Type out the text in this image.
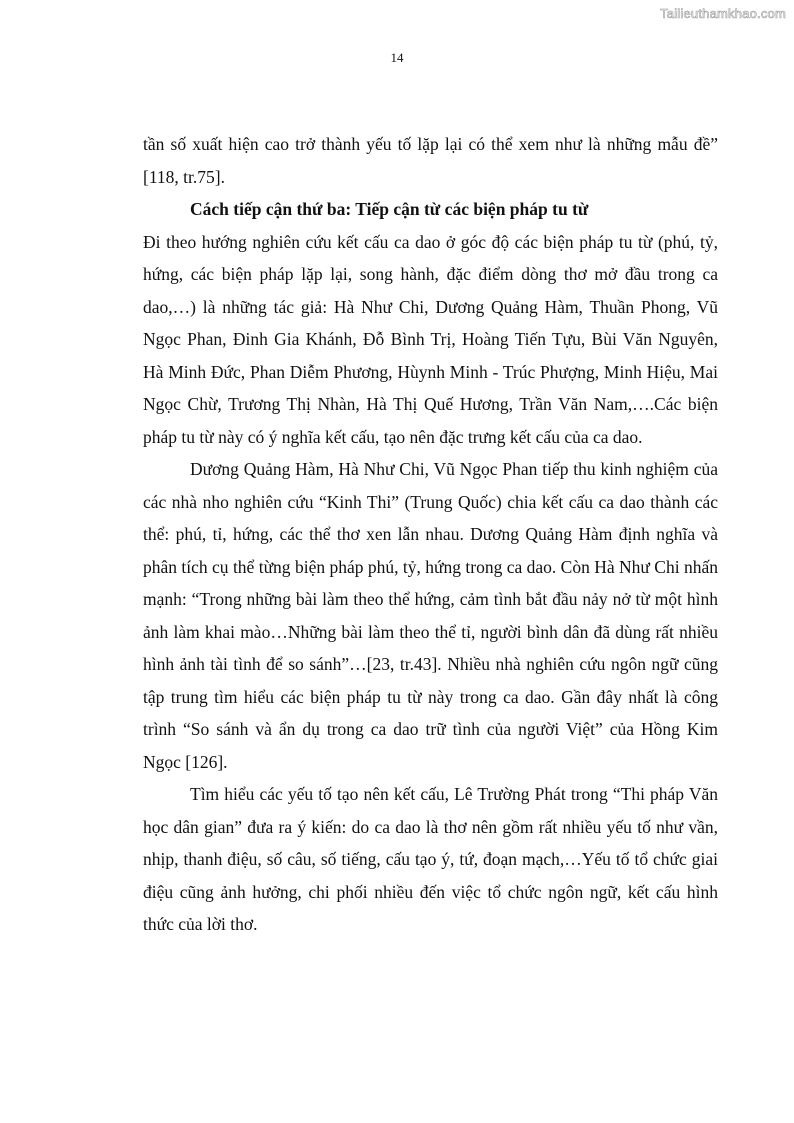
Tailieuthamkhao.com
14

tần số xuất hiện cao trở thành yếu tố lặp lại có thể xem như là những mẫu đề” [118, tr.75].

Cách tiếp cận thứ ba: Tiếp cận từ các biện pháp tu từ

Đi theo hướng nghiên cứu kết cấu ca dao ở góc độ các biện pháp tu từ (phú, tỷ, hứng, các biện pháp lặp lại, song hành, đặc điểm dòng thơ mở đầu trong ca dao,…) là những tác giả: Hà Như Chi, Dương Quảng Hàm, Thuần Phong, Vũ Ngọc Phan, Đinh Gia Khánh, Đỗ Bình Trị, Hoàng Tiến Tựu, Bùi Văn Nguyên, Hà Minh Đức, Phan Diễm Phương, Hùynh Minh - Trúc Phượng, Minh Hiệu, Mai Ngọc Chừ, Trương Thị Nhàn, Hà Thị Quế Hương, Trần Văn Nam,….Các biện pháp tu từ này có ý nghĩa kết cấu, tạo nên đặc trưng kết cấu của ca dao.

Dương Quảng Hàm, Hà Như Chi, Vũ Ngọc Phan tiếp thu kinh nghiệm của các nhà nho nghiên cứu “Kinh Thi” (Trung Quốc) chia kết cấu ca dao thành các thể: phú, tỉ, hứng, các thể thơ xen lẫn nhau. Dương Quảng Hàm định nghĩa và phân tích cụ thể từng biện pháp phú, tỷ, hứng trong ca dao. Còn Hà Như Chi nhấn mạnh: “Trong những bài làm theo thể hứng, cảm tình bắt đầu nảy nở từ một hình ảnh làm khai mào…Những bài làm theo thể tỉ, người bình dân đã dùng rất nhiều hình ảnh tài tình để so sánh”…[23, tr.43]. Nhiều nhà nghiên cứu ngôn ngữ cũng tập trung tìm hiểu các biện pháp tu từ này trong ca dao. Gần đây nhất là công trình “So sánh và ẩn dụ trong ca dao trữ tình của người Việt” của Hồng Kim Ngọc [126].

Tìm hiểu các yếu tố tạo nên kết cấu, Lê Trường Phát trong “Thi pháp Văn học dân gian” đưa ra ý kiến: do ca dao là thơ nên gồm rất nhiều yếu tố như vần, nhịp, thanh điệu, số câu, số tiếng, cấu tạo ý, tứ, đoạn mạch,…Yếu tố tổ chức giai điệu cũng ảnh hưởng, chi phối nhiều đến việc tổ chức ngôn ngữ, kết cấu hình thức của lời thơ.
